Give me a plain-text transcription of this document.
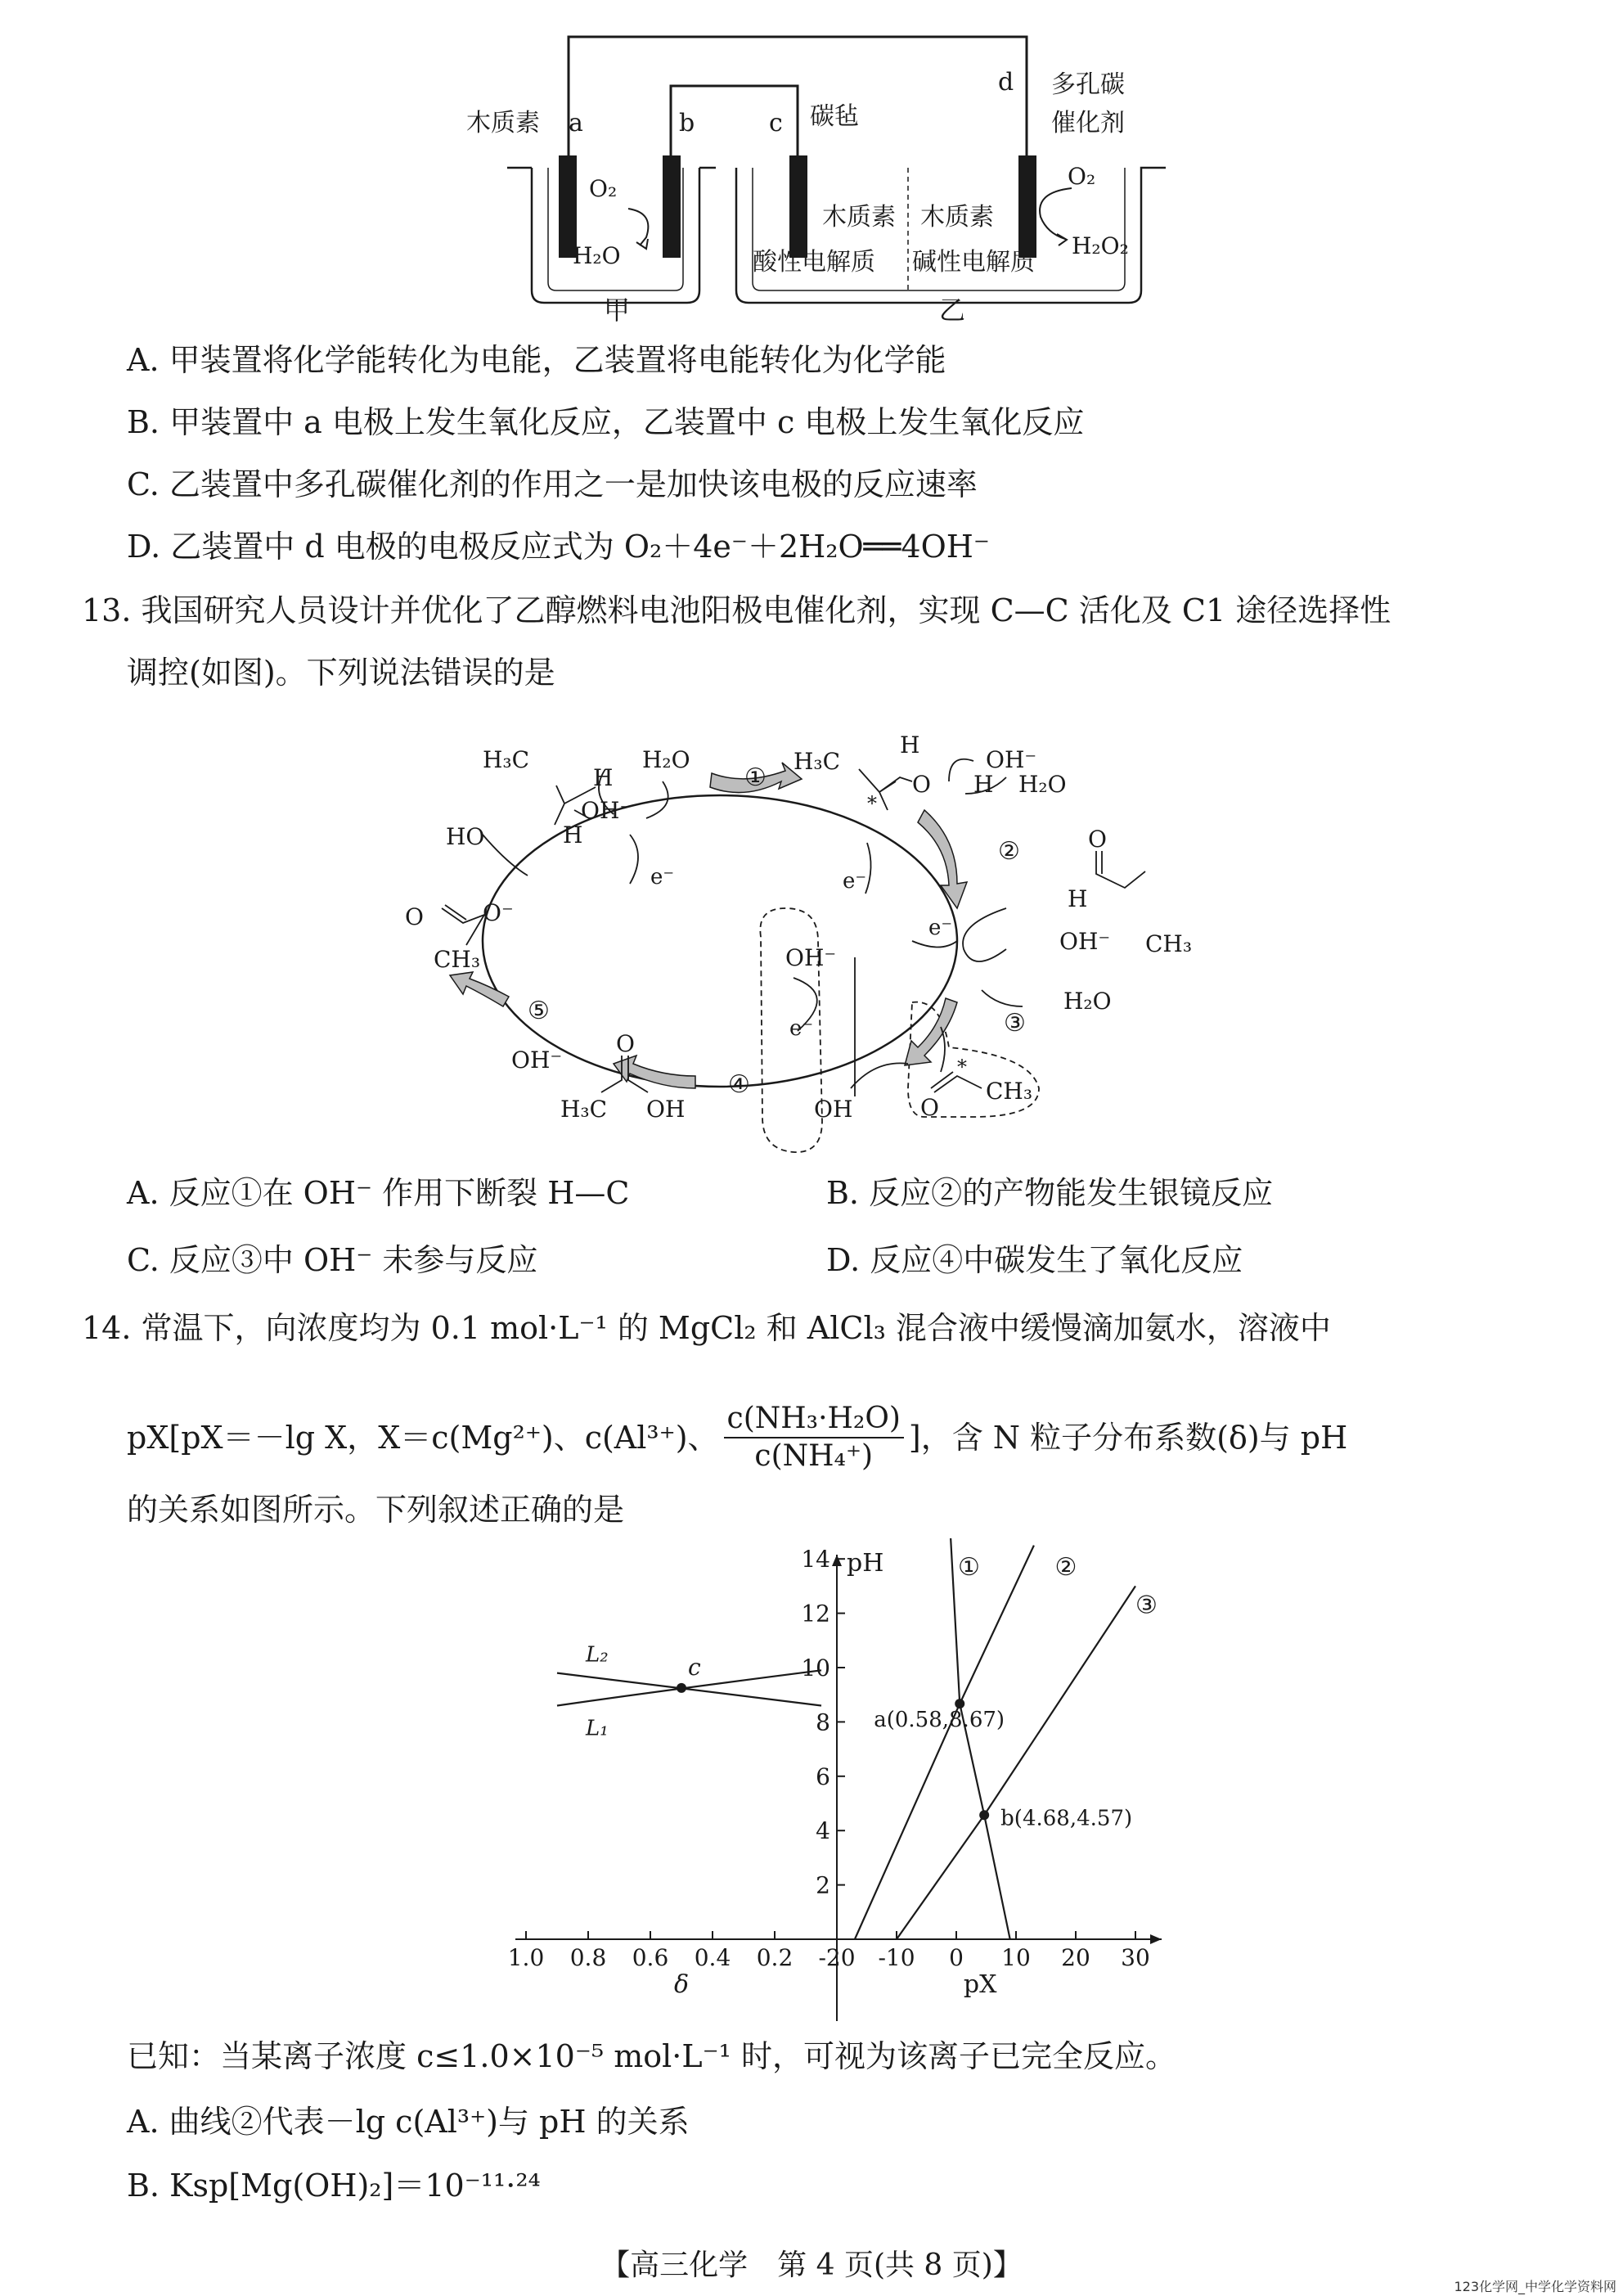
木质素 a	b	c 碳毡
d 多孔碳
催化剂
O₂
H₂O
木质素 木质素
酸性电解质 碱性电解质
O₂
H₂O₂
甲	乙
A. 甲装置将化学能转化为电能，乙装置将电能转化为化学能
B. 甲装置中 a 电极上发生氧化反应，乙装置中 c 电极上发生氧化反应
C. 乙装置中多孔碳催化剂的作用之一是加快该电极的反应速率
D. 乙装置中 d 电极的电极反应式为 O₂＋4e⁻＋2H₂O══4OH⁻
13. 我国研究人员设计并优化了乙醇燃料电池阳极电催化剂，实现 C—C 活化及 C1 途径选择性
调控(如图)。下列说法错误的是
H₃C
H
HO	H
OH⁻
H₂O
e⁻
①
H₃C
H
O H
*
OH⁻
H₂O
e⁻
②	O
H
CH₃
OH⁻
e⁻
H₂O
③
OH⁻
e⁻
OH
*
O
CH₃
④
O
H₃C OH
OH⁻
⑤
O	O⁻
CH₃
A. 反应①在 OH⁻ 作用下断裂 H—C	B. 反应②的产物能发生银镜反应
C. 反应③中 OH⁻ 未参与反应	D. 反应④中碳发生了氧化反应
14. 常温下，向浓度均为 0.1 mol·L⁻¹ 的 MgCl₂ 和 AlCl₃ 混合液中缓慢滴加氨水，溶液中
pX[pX＝－lg X，X＝c(Mg²⁺)、c(Al³⁺)、 $\frac{\text{c(NH₃·H₂O)}}{\text{c(NH₄⁺)}}$ ]，含 N 粒子分布系数(δ)与 pH
的关系如图所示。下列叙述正确的是
2
4
6
8
10
12
14
-20 -10 0 10 20 30
1.0 0.8 0.6 0.4 0.2
δ	pX
pH
L₂
L₁
c
①	②
③
a(0.58,8.67)
b(4.68,4.57)
已知：当某离子浓度 c≤1.0×10⁻⁵ mol·L⁻¹ 时，可视为该离子已完全反应。
A. 曲线②代表－lg c(Al³⁺)与 pH 的关系
B. Ksp[Mg(OH)₂]＝10⁻¹¹·²⁴
【高三化学　第 4 页(共 8 页)】
123化学网_中学化学资料网
